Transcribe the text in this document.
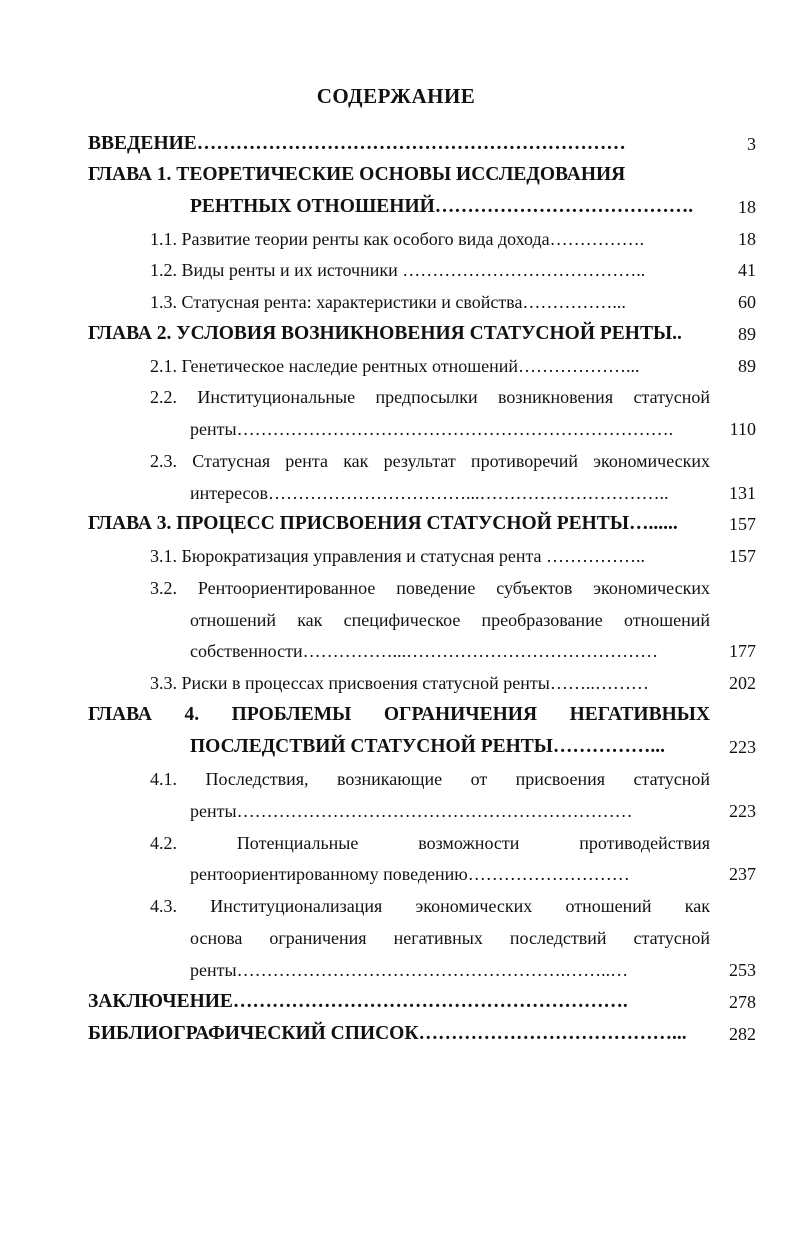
СОДЕРЖАНИЕ
ВВЕДЕНИЕ…………………………………………………………	3
ГЛАВА 1. ТЕОРЕТИЧЕСКИЕ ОСНОВЫ ИССЛЕДОВАНИЯ
РЕНТНЫХ ОТНОШЕНИЙ………………………………….	18
1.1. Развитие теории ренты как особого вида дохода…………….	18
1.2. Виды ренты и их источники …………………………………..	41
1.3. Статусная рента: характеристики и свойства……………...	60
ГЛАВА 2. УСЛОВИЯ ВОЗНИКНОВЕНИЯ СТАТУСНОЙ РЕНТЫ..	89
2.1. Генетическое наследие рентных отношений………………...	89
2.2. Институциональные предпосылки возникновения статусной
ренты……………………………………………………………….	110
2.3. Статусная рента как результат противоречий экономических
интересов……………………………...…………………………..	131
ГЛАВА 3. ПРОЦЕСС ПРИСВОЕНИЯ СТАТУСНОЙ РЕНТЫ…......	157
3.1. Бюрократизация управления и статусная рента ……………..	157
3.2. Рентоориентированное поведение субъектов экономических
отношений как специфическое преобразование отношений
собственности……………...……………………………………	177
3.3. Риски в процессах присвоения статусной ренты……..………	202
ГЛАВА 4. ПРОБЛЕМЫ ОГРАНИЧЕНИЯ НЕГАТИВНЫХ
ПОСЛЕДСТВИЙ СТАТУСНОЙ РЕНТЫ……………...	223
4.1. Последствия, возникающие от присвоения статусной
ренты…………………………………………………………	223
4.2. Потенциальные возможности противодействия
рентоориентированному поведению………………………	237
4.3. Институционализация экономических отношений как
основа ограничения негативных последствий статусной
ренты……………………………………………….……..…	253
ЗАКЛЮЧЕНИЕ…………………………………………………….	278
БИБЛИОГРАФИЧЕСКИЙ СПИСОК…………………………………...	282
